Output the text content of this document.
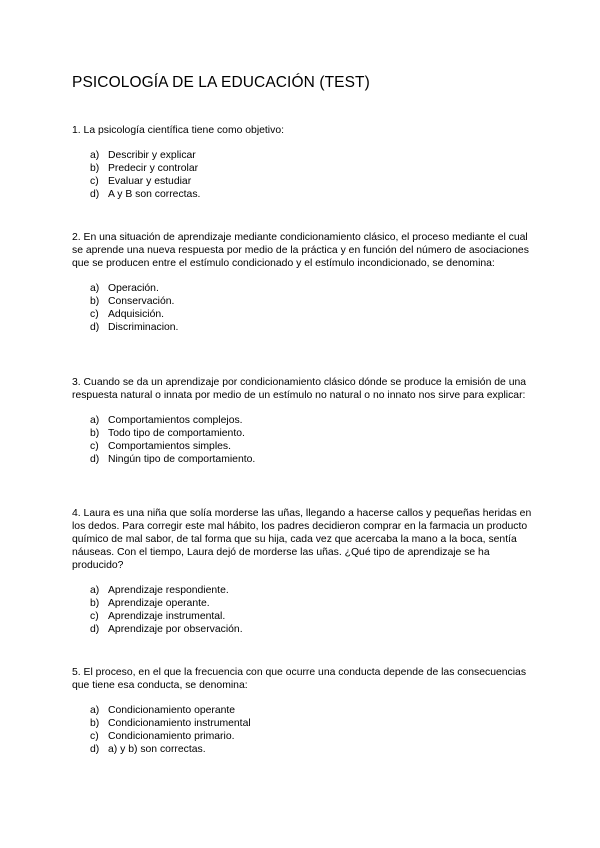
PSICOLOGÍA DE LA EDUCACIÓN (TEST)

1. La psicología científica tiene como objetivo:

a) Describir y explicar
b) Predecir y controlar
c) Evaluar y estudiar
d) A y B son correctas.

2. En una situación de aprendizaje mediante condicionamiento clásico, el proceso mediante el cual se aprende una nueva respuesta por medio de la práctica y en función del número de asociaciones que se producen entre el estímulo condicionado y el estímulo incondicionado, se denomina:

a) Operación.
b) Conservación.
c) Adquisición.
d) Discriminacion.

3. Cuando se da un aprendizaje por condicionamiento clásico dónde se produce la emisión de una respuesta natural o innata por medio de un estímulo no natural o no innato nos sirve para explicar:

a) Comportamientos complejos.
b) Todo tipo de comportamiento.
c) Comportamientos simples.
d) Ningún tipo de comportamiento.

4. Laura es una niña que solía morderse las uñas, llegando a hacerse callos y pequeñas heridas en los dedos. Para corregir este mal hábito, los padres decidieron comprar en la farmacia un producto químico de mal sabor, de tal forma que su hija, cada vez que acercaba la mano a la boca, sentía náuseas. Con el tiempo, Laura dejó de morderse las uñas. ¿Qué tipo de aprendizaje se ha producido?

a) Aprendizaje respondiente.
b) Aprendizaje operante.
c) Aprendizaje instrumental.
d) Aprendizaje por observación.

5. El proceso, en el que la frecuencia con que ocurre una conducta depende de las consecuencias que tiene esa conducta, se denomina:

a) Condicionamiento operante
b) Condicionamiento instrumental
c) Condicionamiento primario.
d) a) y b) son correctas.
